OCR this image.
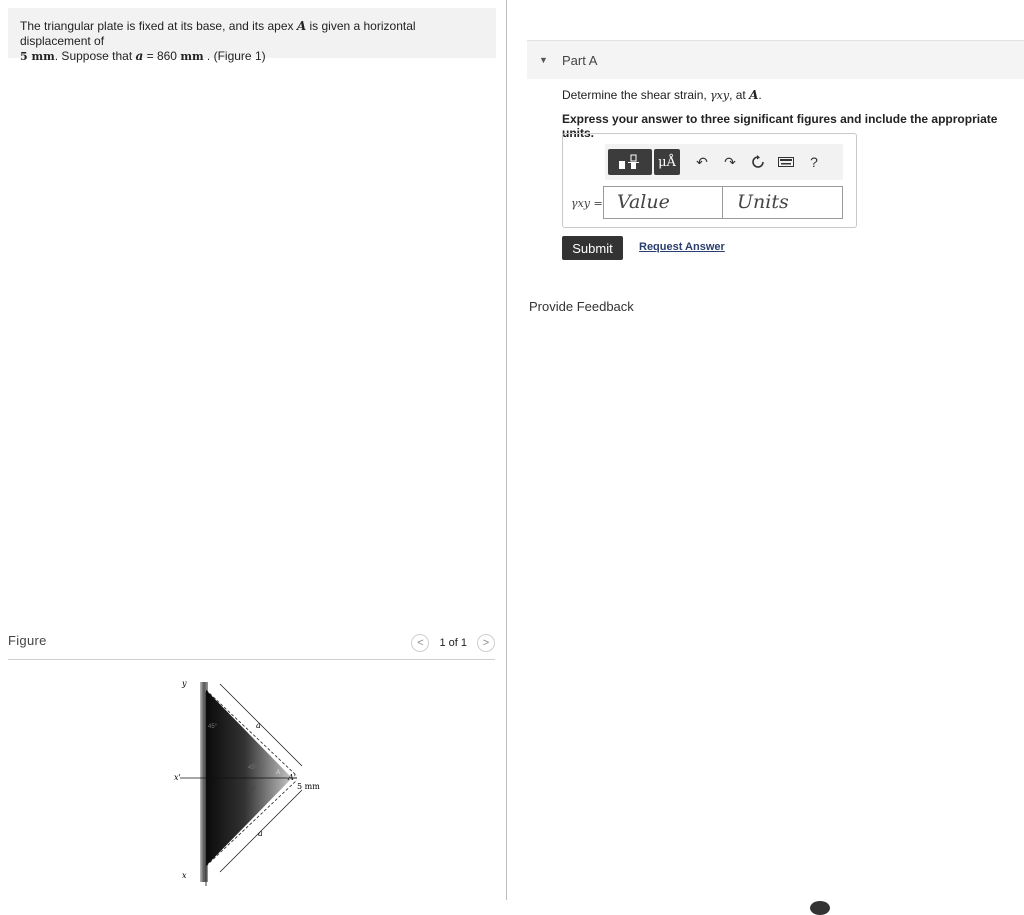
The triangular plate is fixed at its base, and its apex A is given a horizontal displacement of
5 mm. Suppose that a = 860 mm . (Figure 1)
Figure	<	1 of 1	>
y
x'
x
a
a
45°
45°
45°
A A'
5 mm
▼ Part A
Determine the shear strain, γxy, at A.
Express your answer to three significant figures and include the appropriate units.
μÅ	↶	↷	?
γxy = Value	Units
Submit	Request Answer
Provide Feedback
